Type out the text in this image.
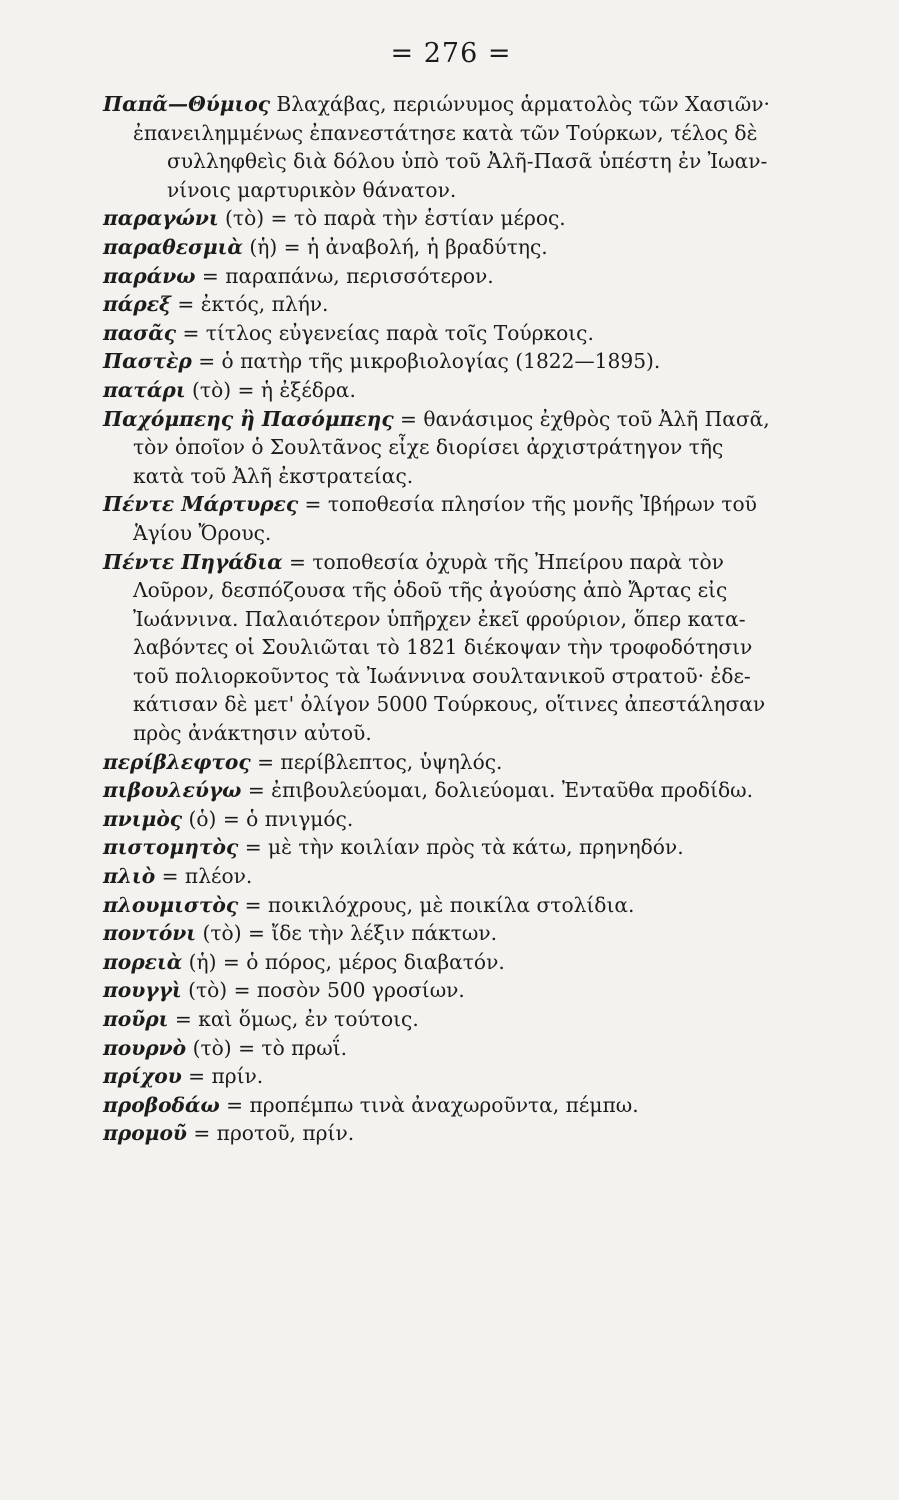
= 276 =
Παπᾶ—Θύμιος Βλαχάβας, περιώνυμος ἁρματολὸς τῶν Χασιῶν·
ἐπανειλημμένως ἐπανεστάτησε κατὰ τῶν Τούρκων, τέλος δὲ
συλληφθεὶς διὰ δόλου ὑπὸ τοῦ Ἀλῆ-Πασᾶ ὑπέστη ἐν Ἰωαν-
νίνοις μαρτυρικὸν θάνατον.
παραγώνι (τὸ) = τὸ παρὰ τὴν ἑστίαν μέρος.
παραθεσμιὰ (ἡ) = ἡ ἀναβολή, ἡ βραδύτης.
παράνω = παραπάνω, περισσότερον.
πάρεξ = ἐκτός, πλήν.
πασᾶς = τίτλος εὐγενείας παρὰ τοῖς Τούρκοις.
Παστὲρ = ὁ πατὴρ τῆς μικροβιολογίας (1822—1895).
πατάρι (τὸ) = ἡ ἐξέδρα.
Παχόμπεης ἢ Πασόμπεης = θανάσιμος ἐχθρὸς τοῦ Ἀλῆ Πασᾶ,
τὸν ὁποῖον ὁ Σουλτᾶνος εἶχε διορίσει ἀρχιστράτηγον τῆς
κατὰ τοῦ Ἀλῆ ἐκστρατείας.
Πέντε Μάρτυρες = τοποθεσία πλησίον τῆς μονῆς Ἰβήρων τοῦ
Ἁγίου Ὄρους.
Πέντε Πηγάδια = τοποθεσία ὀχυρὰ τῆς Ἠπείρου παρὰ τὸν
Λοῦρον, δεσπόζουσα τῆς ὁδοῦ τῆς ἀγούσης ἀπὸ Ἄρτας εἰς
Ἰωάννινα. Παλαιότερον ὑπῆρχεν ἐκεῖ φρούριον, ὅπερ κατα-
λαβόντες οἱ Σουλιῶται τὸ 1821 διέκοψαν τὴν τροφοδότησιν
τοῦ πολιορκοῦντος τὰ Ἰωάννινα σουλτανικοῦ στρατοῦ· ἐδε-
κάτισαν δὲ μετ' ὀλίγον 5000 Τούρκους, οἵτινες ἀπεστάλησαν
πρὸς ἀνάκτησιν αὐτοῦ.
περίβλεφτος = περίβλεπτος, ὑψηλός.
πιβουλεύγω = ἐπιβουλεύομαι, δολιεύομαι. Ἐνταῦθα προδίδω.
πνιμὸς (ὁ) = ὁ πνιγμός.
πιστομητὸς = μὲ τὴν κοιλίαν πρὸς τὰ κάτω, πρηνηδόν.
πλιὸ = πλέον.
πλουμιστὸς = ποικιλόχρους, μὲ ποικίλα στολίδια.
ποντόνι (τὸ) = ἴδε τὴν λέξιν πάκτων.
πορειὰ (ἡ) = ὁ πόρος, μέρος διαβατόν.
πουγγὶ (τὸ) = ποσὸν 500 γροσίων.
ποῦρι = καὶ ὅμως, ἐν τούτοις.
πουρνὸ (τὸ) = τὸ πρωΐ.
πρίχου = πρίν.
προβοδάω = προπέμπω τινὰ ἀναχωροῦντα, πέμπω.
προμοῦ = προτοῦ, πρίν.
